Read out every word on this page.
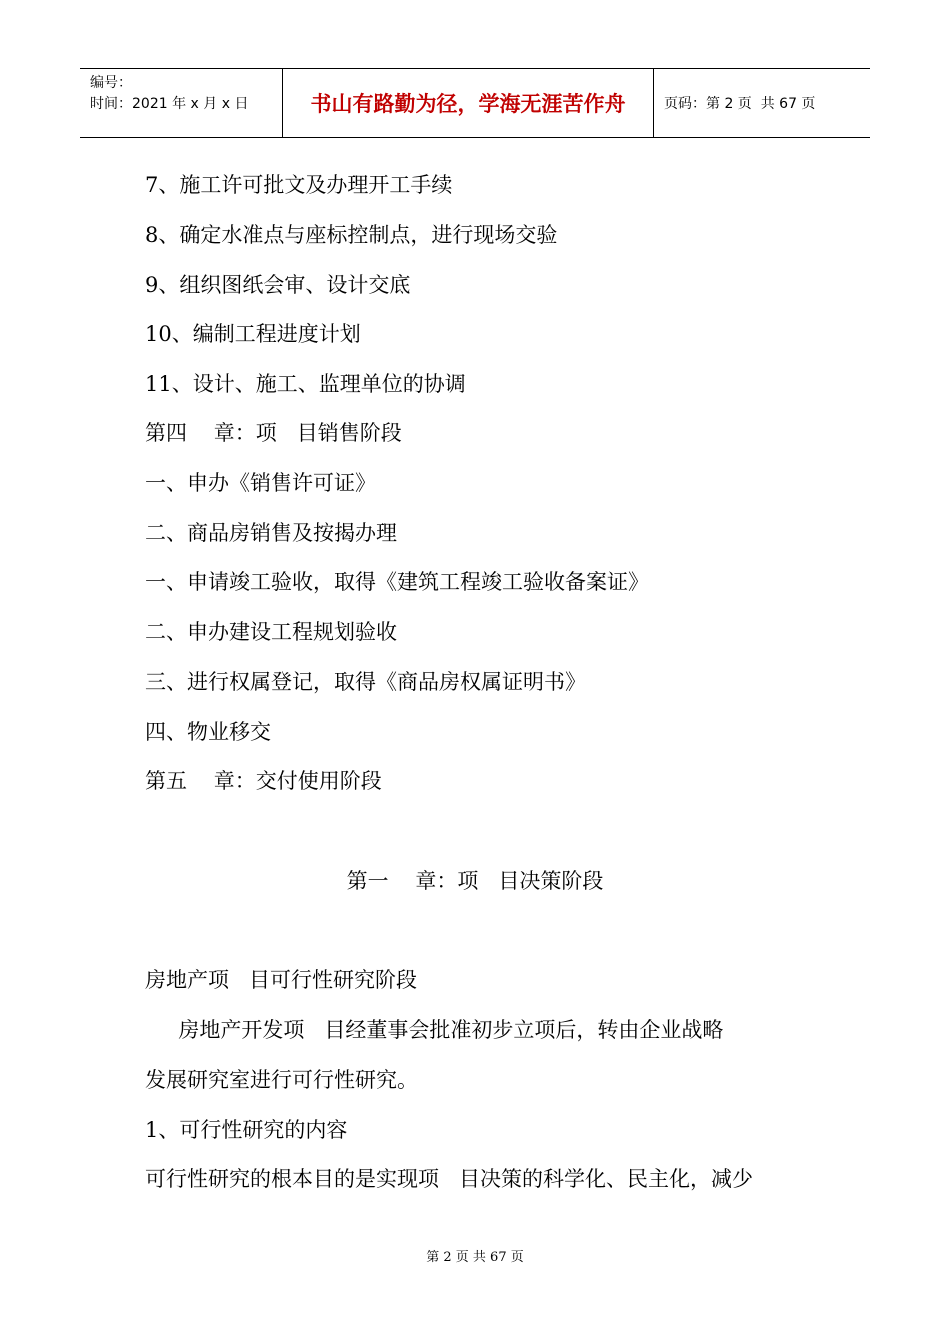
编号：
时间：2021 年 x 月 x 日	书山有路勤为径，学海无涯苦作舟	页码：第 2 页  共 67 页
7、施工许可批文及办理开工手续
8、确定水准点与座标控制点，进行现场交验
9、组织图纸会审、设计交底
10、编制工程进度计划
11、设计、施工、监理单位的协调
第四    章：项   目销售阶段
一、申办《销售许可证》
二、商品房销售及按揭办理
一、申请竣工验收，取得《建筑工程竣工验收备案证》
二、申办建设工程规划验收
三、进行权属登记，取得《商品房权属证明书》
四、物业移交
第五    章：交付使用阶段
第一    章：项   目决策阶段
房地产项   目可行性研究阶段
房地产开发项   目经董事会批准初步立项后，转由企业战略
发展研究室进行可行性研究。
1、可行性研究的内容
可行性研究的根本目的是实现项   目决策的科学化、民主化，减少
第 2 页 共 67 页
